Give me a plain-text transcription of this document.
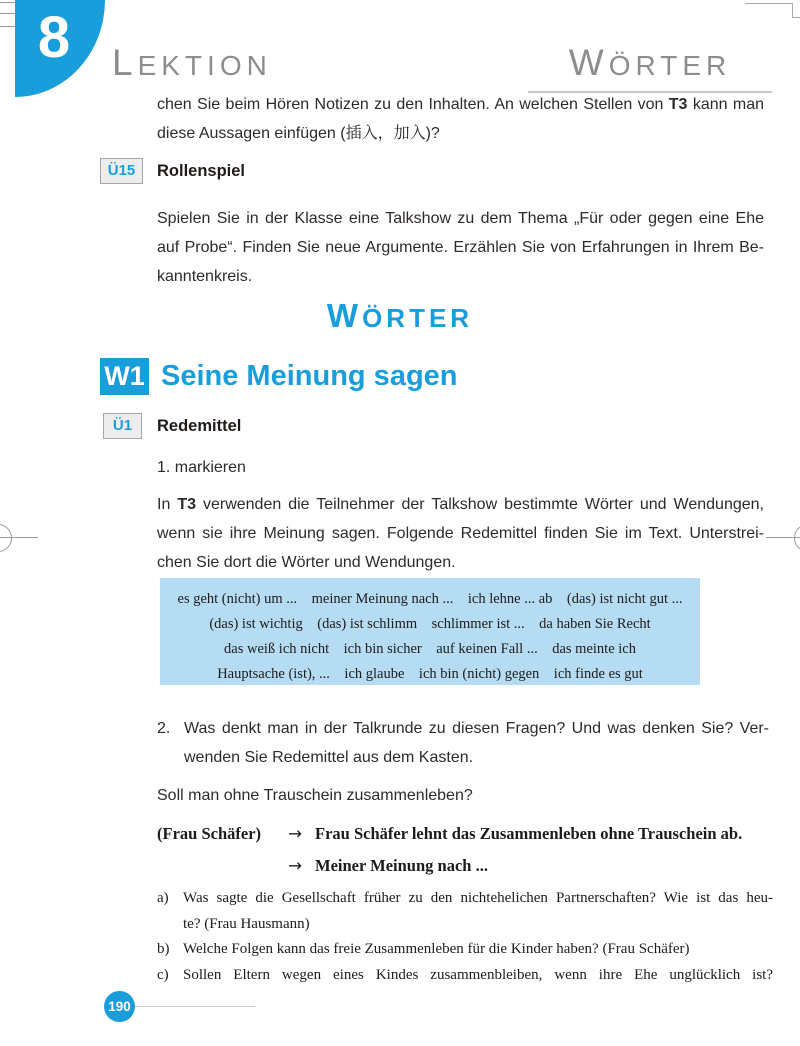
8	LEKTION	WÖRTER
chen Sie beim Hören Notizen zu den Inhalten. An welchen Stellen von T3 kann man
diese Aussagen einfügen (插入，加入)?
Ü15	Rollenspiel
Spielen Sie in der Klasse eine Talkshow zu dem Thema „Für oder gegen eine Ehe
auf Probe“. Finden Sie neue Argumente. Erzählen Sie von Erfahrungen in Ihrem Be-
kanntenkreis.
WÖRTER
W1 Seine Meinung sagen
Ü1	Redemittel
1. markieren
In T3 verwenden die Teilnehmer der Talkshow bestimmte Wörter und Wendungen,
wenn sie ihre Meinung sagen. Folgende Redemittel finden Sie im Text. Unterstrei-
chen Sie dort die Wörter und Wendungen.
es geht (nicht) um ...    meiner Meinung nach ...    ich lehne ... ab    (das) ist nicht gut ...
(das) ist wichtig    (das) ist schlimm    schlimmer ist ...    da haben Sie Recht
das weiß ich nicht    ich bin sicher    auf keinen Fall ...    das meinte ich
Hauptsache (ist), ...    ich glaube    ich bin (nicht) gegen    ich finde es gut
2. Was denkt man in der Talkrunde zu diesen Fragen? Und was denken Sie? Ver-
wenden Sie Redemittel aus dem Kasten.
Soll man ohne Trauschein zusammenleben?
(Frau Schäfer)	→ Frau Schäfer lehnt das Zusammenleben ohne Trauschein ab.
→ Meiner Meinung nach ...
a) Was sagte die Gesellschaft früher zu den nichtehelichen Partnerschaften? Wie ist das heu-
te? (Frau Hausmann)
b) Welche Folgen kann das freie Zusammenleben für die Kinder haben? (Frau Schäfer)
c) Sollen Eltern wegen eines Kindes zusammenbleiben, wenn ihre Ehe unglücklich ist?
190
